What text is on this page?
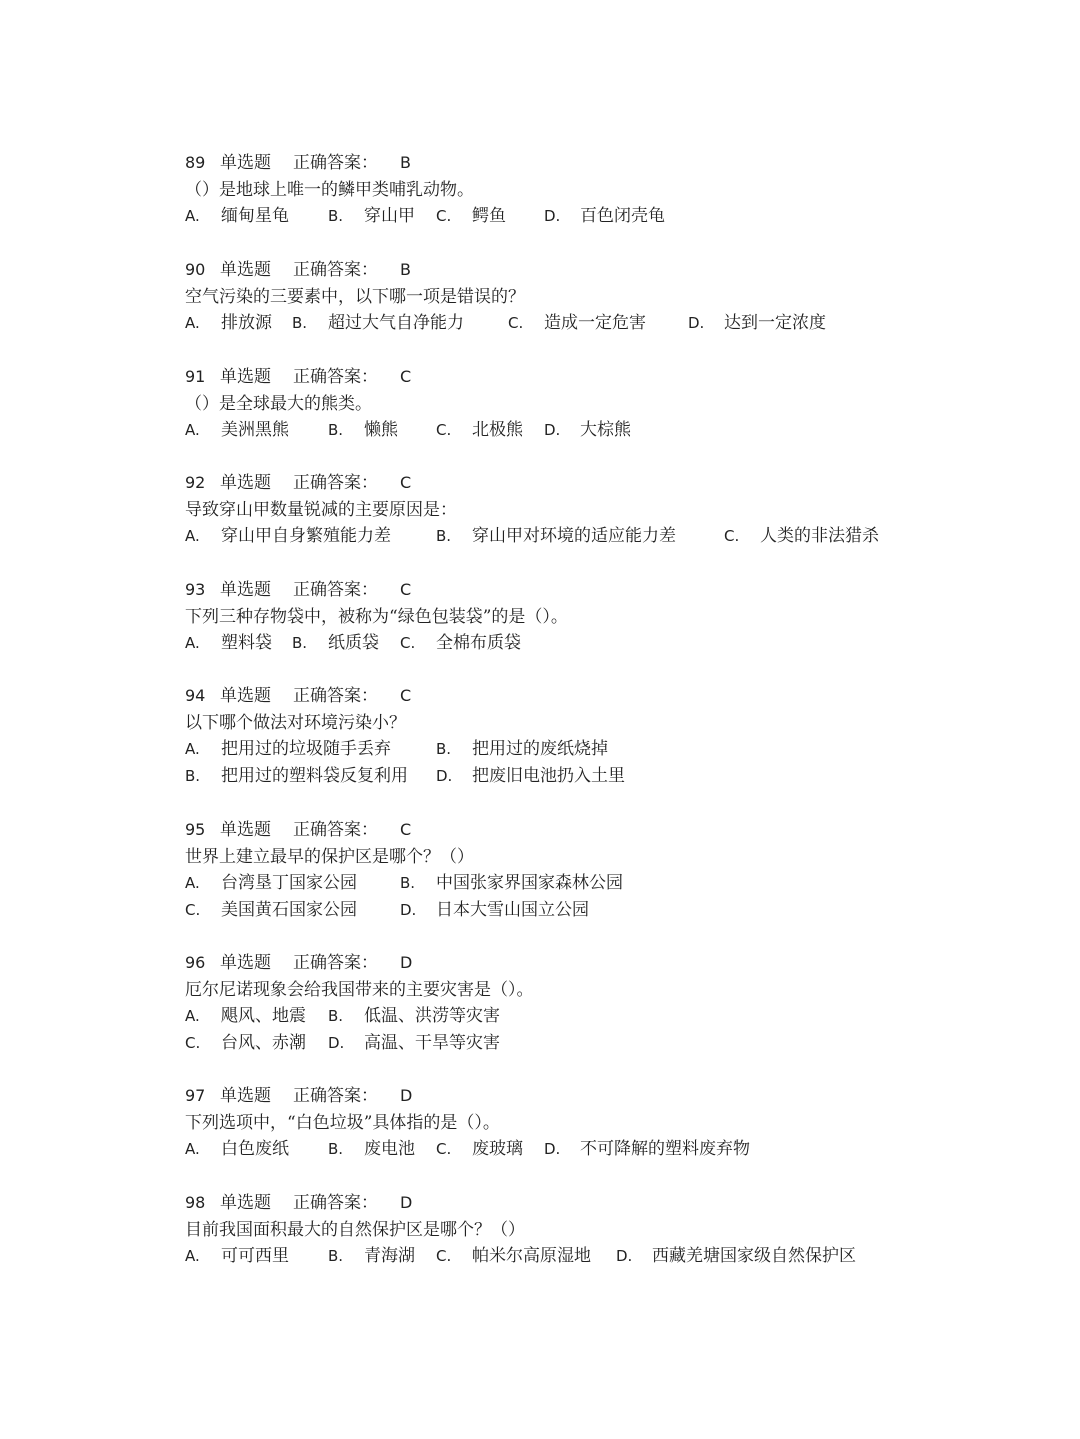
89 单选题 正确答案： B
（）是地球上唯一的鳞甲类哺乳动物。
A. 缅甸星龟	B. 穿山甲 C. 鳄鱼	D. 百色闭壳龟
90 单选题 正确答案： B
空气污染的三要素中，以下哪一项是错误的？
A. 排放源 B. 超过大气自净能力	C. 造成一定危害	D. 达到一定浓度
91 单选题 正确答案： C
（）是全球最大的熊类。
A. 美洲黑熊	B. 懒熊	C. 北极熊 D. 大棕熊
92 单选题 正确答案： C
导致穿山甲数量锐减的主要原因是：
A. 穿山甲自身繁殖能力差	B. 穿山甲对环境的适应能力差	C. 人类的非法猎杀
93 单选题 正确答案： C
下列三种存物袋中，被称为“绿色包装袋”的是（）。
A. 塑料袋 B. 纸质袋 C. 全棉布质袋
94 单选题 正确答案： C
以下哪个做法对环境污染小？
A. 把用过的垃圾随手丢弃	B. 把用过的废纸烧掉
B. 把用过的塑料袋反复利用 D. 把废旧电池扔入土里
95 单选题 正确答案： C
世界上建立最早的保护区是哪个？（）
A. 台湾垦丁国家公园	B. 中国张家界国家森林公园
C. 美国黄石国家公园	D. 日本大雪山国立公园
96 单选题 正确答案： D
厄尔尼诺现象会给我国带来的主要灾害是（）。
A. 飓风、地震 B. 低温、洪涝等灾害
C. 台风、赤潮 D. 高温、干旱等灾害
97 单选题 正确答案： D
下列选项中，“白色垃圾”具体指的是（）。
A. 白色废纸	B. 废电池 C. 废玻璃 D. 不可降解的塑料废弃物
98 单选题 正确答案： D
目前我国面积最大的自然保护区是哪个？（）
A. 可可西里	B. 青海湖 C. 帕米尔高原湿地 D. 西藏羌塘国家级自然保护区
